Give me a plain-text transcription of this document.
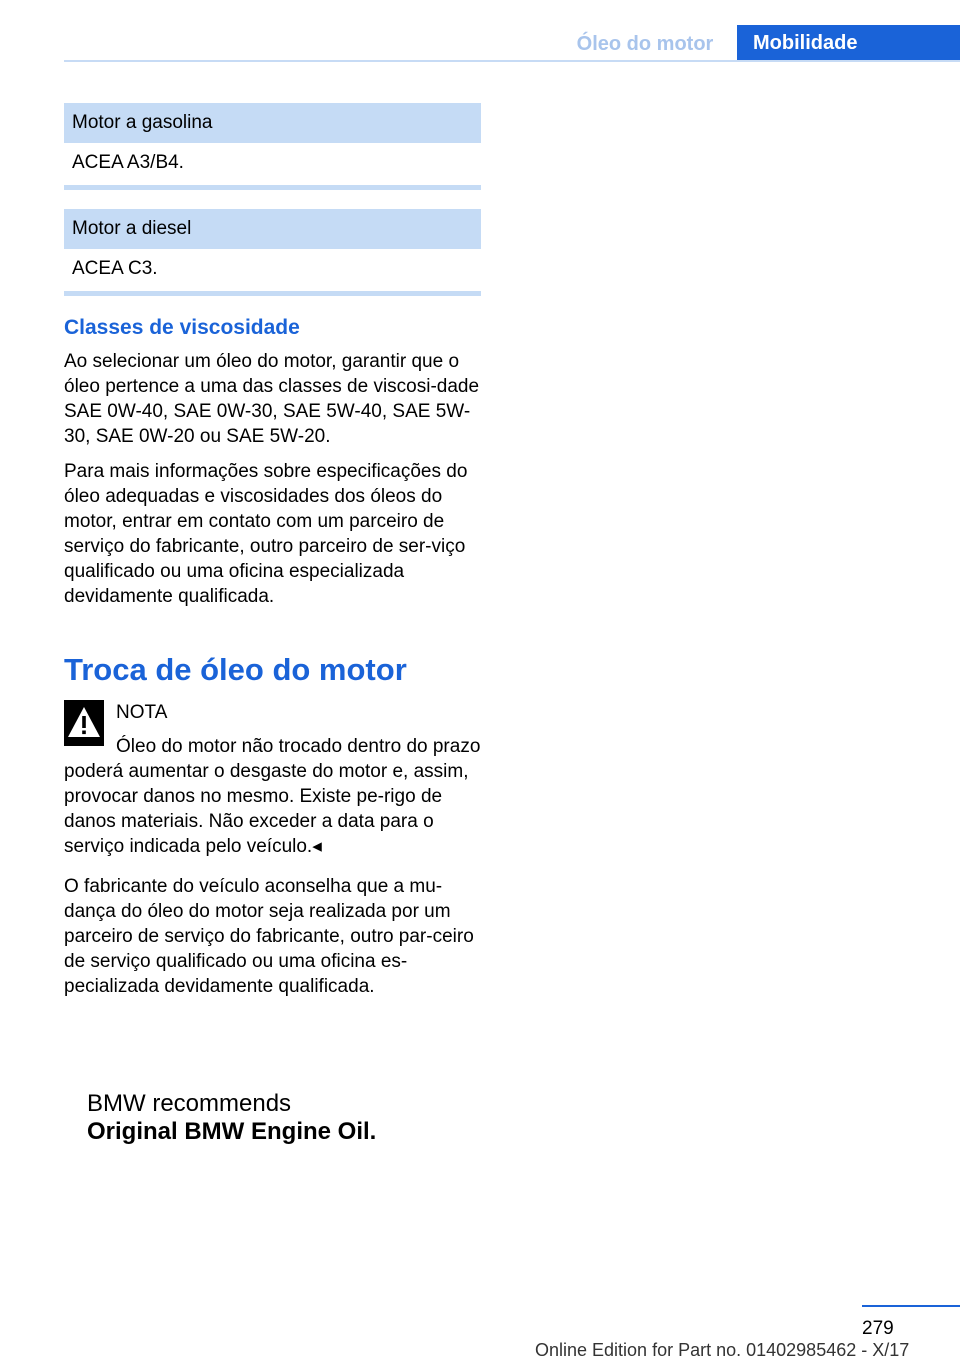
Óleo do motor	Mobilidade
Motor a gasolina
ACEA A3/B4.
Motor a diesel
ACEA C3.
Classes de viscosidade
Ao selecionar um óleo do motor, garantir que o óleo pertence a uma das classes de viscosi‐dade SAE 0W-40, SAE 0W-30, SAE 5W-40, SAE 5W-30, SAE 0W-20 ou SAE 5W-20.
Para mais informações sobre especificações do óleo adequadas e viscosidades dos óleos do motor, entrar em contato com um parceiro de serviço do fabricante, outro parceiro de ser‐viço qualificado ou uma oficina especializada devidamente qualificada.
Troca de óleo do motor
NOTA
Óleo do motor não trocado dentro do prazo poderá aumentar o desgaste do motor e, assim, provocar danos no mesmo. Existe pe‐rigo de danos materiais. Não exceder a data para o serviço indicada pelo veículo.◂
O fabricante do veículo aconselha que a mu‐dança do óleo do motor seja realizada por um parceiro de serviço do fabricante, outro par‐ceiro de serviço qualificado ou uma oficina es‐pecializada devidamente qualificada.
BMW recommends
Original BMW Engine Oil.
279
Online Edition for Part no. 01402985462 - X/17
